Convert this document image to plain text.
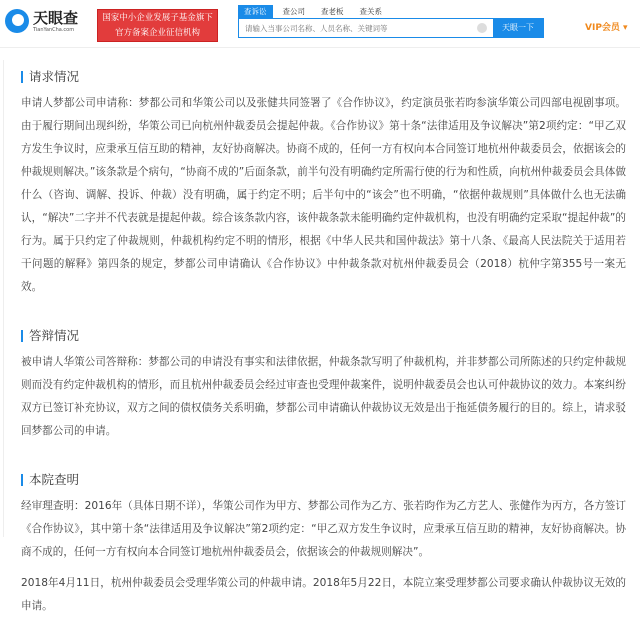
天眼查
TianYanCha.com
国家中小企业发展子基金旗下
官方备案企业征信机构
查诉讼	查公司	查老板	查关系
请输入当事公司名称、人员名称、关键词等
天眼一下	VIP会员 ▾
请求情况

申请人梦都公司申请称：梦都公司和华策公司以及张健共同签署了《合作协议》，约定演员张若昀参演华策公司四部电视剧事项。由于履行期间出现纠纷，华策公司已向杭州仲裁委员会提起仲裁。《合作协议》第十条“法律适用及争议解决”第2项约定：“甲乙双方发生争议时，应秉承互信互助的精神，友好协商解决。协商不成的，任何一方有权向本合同签订地杭州仲裁委员会，依据该会的仲裁规则解决。”该条款是个病句，“协商不成的”后面条款，前半句没有明确约定所需行使的行为和性质，向杭州仲裁委员会具体做什么（咨询、调解、投诉、仲裁）没有明确，属于约定不明；后半句中的“该会”也不明确，“依据仲裁规则”具体做什么也无法确认，“解决”二字并不代表就是提起仲裁。综合该条款内容，该仲裁条款未能明确约定仲裁机构，也没有明确约定采取“提起仲裁”的行为。属于只约定了仲裁规则，仲裁机构约定不明的情形，根据《中华人民共和国仲裁法》第十八条、《最高人民法院关于适用若干问题的解释》第四条的规定，梦都公司申请确认《合作协议》中仲裁条款对杭州仲裁委员会（2018）杭仲字第355号一案无效。

答辩情况

被申请人华策公司答辩称：梦都公司的申请没有事实和法律依据，仲裁条款写明了仲裁机构，并非梦都公司所陈述的只约定仲裁规则而没有约定仲裁机构的情形，而且杭州仲裁委员会经过审查也受理仲裁案件，说明仲裁委员会也认可仲裁协议的效力。本案纠纷双方已签订补充协议，双方之间的债权债务关系明确，梦都公司申请确认仲裁协议无效是出于拖延债务履行的目的。综上，请求驳回梦都公司的申请。

本院查明

经审理查明：2016年（具体日期不详），华策公司作为甲方、梦都公司作为乙方、张若昀作为乙方艺人、张健作为丙方，各方签订《合作协议》，其中第十条“法律适用及争议解决”第2项约定：“甲乙双方发生争议时，应秉承互信互助的精神，友好协商解决。协商不成的，任何一方有权向本合同签订地杭州仲裁委员会，依据该会的仲裁规则解决”。

2018年4月11日，杭州仲裁委员会受理华策公司的仲裁申请。2018年5月22日，本院立案受理梦都公司要求确认仲裁协议无效的申请。
